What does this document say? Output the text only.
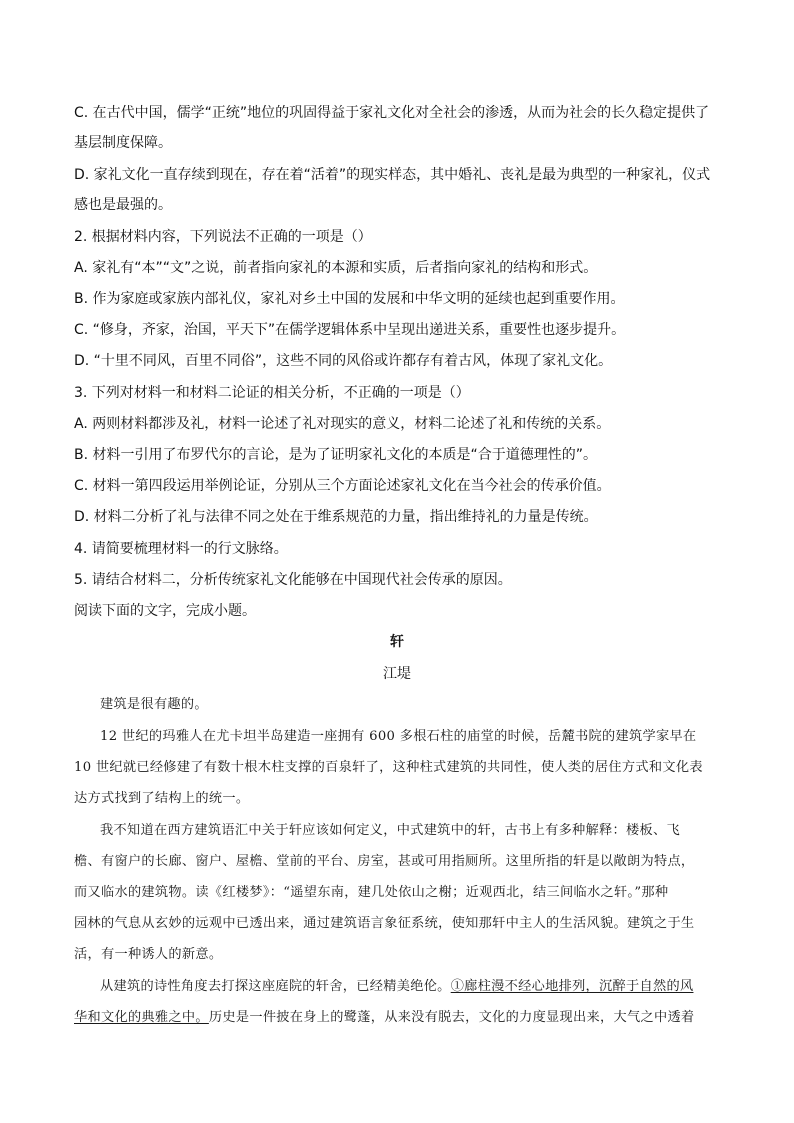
C. 在古代中国，儒学“正统”地位的巩固得益于家礼文化对全社会的渗透，从而为社会的长久稳定提供了
基层制度保障。
D. 家礼文化一直存续到现在，存在着“活着”的现实样态，其中婚礼、丧礼是最为典型的一种家礼，仪式
感也是最强的。
2. 根据材料内容，下列说法不正确的一项是（）
A. 家礼有“本”“文”之说，前者指向家礼的本源和实质，后者指向家礼的结构和形式。
B. 作为家庭或家族内部礼仪，家礼对乡土中国的发展和中华文明的延续也起到重要作用。
C. “修身，齐家，治国，平天下”在儒学逻辑体系中呈现出递进关系，重要性也逐步提升。
D. “十里不同风，百里不同俗”，这些不同的风俗或许都存有着古风，体现了家礼文化。
3. 下列对材料一和材料二论证的相关分析，不正确的一项是（）
A. 两则材料都涉及礼，材料一论述了礼对现实的意义，材料二论述了礼和传统的关系。
B. 材料一引用了布罗代尔的言论，是为了证明家礼文化的本质是“合于道德理性的”。
C. 材料一第四段运用举例论证，分别从三个方面论述家礼文化在当今社会的传承价值。
D. 材料二分析了礼与法律不同之处在于维系规范的力量，指出维持礼的力量是传统。
4. 请简要梳理材料一的行文脉络。
5. 请结合材料二，分析传统家礼文化能够在中国现代社会传承的原因。
阅读下面的文字，完成小题。
轩
江堤
建筑是很有趣的。
12 世纪的玛雅人在尤卡坦半岛建造一座拥有 600 多根石柱的庙堂的时候，岳麓书院的建筑学家早在
10 世纪就已经修建了有数十根木柱支撑的百泉轩了，这种柱式建筑的共同性，使人类的居住方式和文化表
达方式找到了结构上的统一。
我不知道在西方建筑语汇中关于轩应该如何定义，中式建筑中的轩，古书上有多种解释：楼板、飞
檐、有窗户的长廊、窗户、屋檐、堂前的平台、房室，甚或可用指厕所。这里所指的轩是以敞朗为特点，
而又临水的建筑物。读《红楼梦》：“遥望东南，建几处依山之榭；近观西北，结三间临水之轩。”那种
园林的气息从玄妙的远观中已透出来，通过建筑语言象征系统，使知那轩中主人的生活风貌。建筑之于生
活，有一种诱人的新意。
从建筑的诗性角度去打探这座庭院的轩舍，已经精美绝伦。①廊柱漫不经心地排列，沉醉于自然的风
华和文化的典雅之中。历史是一件披在身上的鹭蓬，从来没有脱去，文化的力度显现出来，大气之中透着
